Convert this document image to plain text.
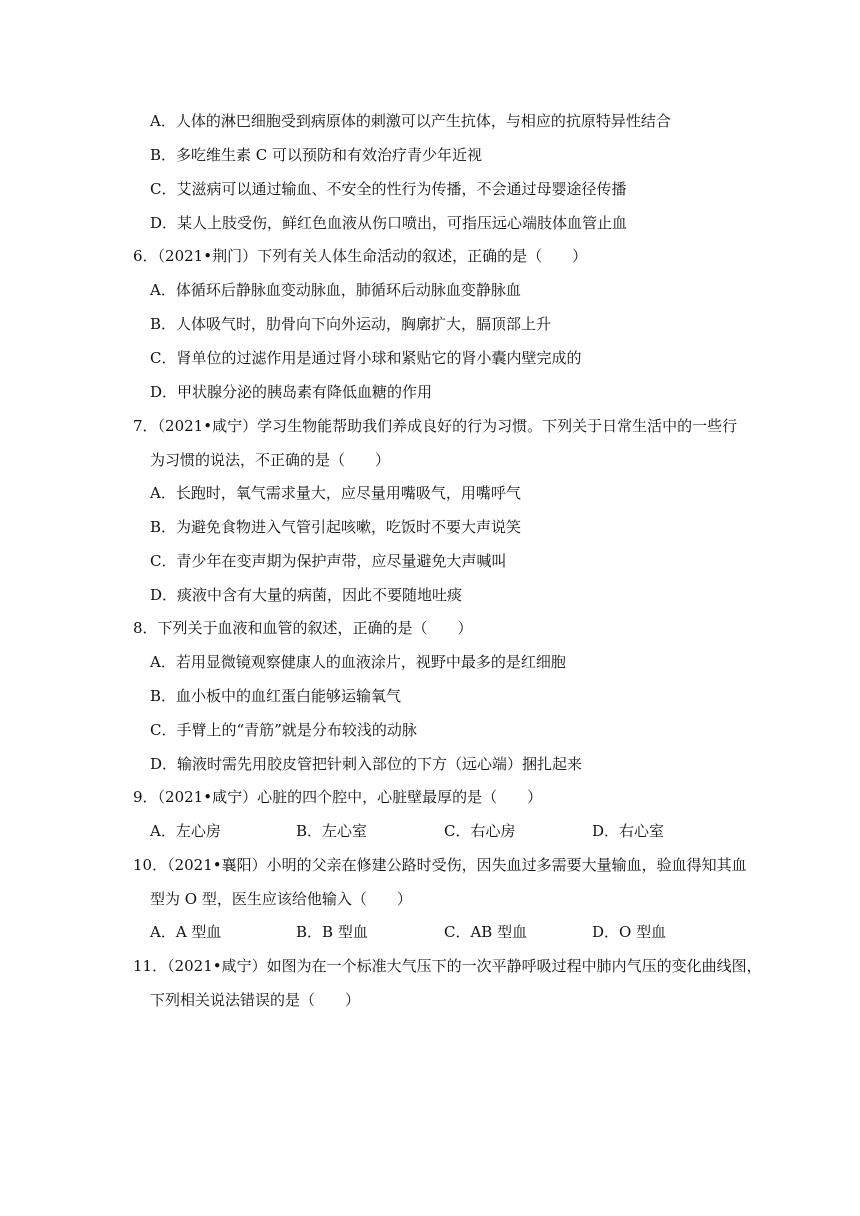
A．人体的淋巴细胞受到病原体的刺激可以产生抗体，与相应的抗原特异性结合
B．多吃维生素 C 可以预防和有效治疗青少年近视
C．艾滋病可以通过输血、不安全的性行为传播，不会通过母婴途径传播
D．某人上肢受伤，鲜红色血液从伤口喷出，可指压远心端肢体血管止血
6．（2021•荆门）下列有关人体生命活动的叙述，正确的是（　　）
A．体循环后静脉血变动脉血，肺循环后动脉血变静脉血
B．人体吸气时，肋骨向下向外运动，胸廓扩大，膈顶部上升
C．肾单位的过滤作用是通过肾小球和紧贴它的肾小囊内壁完成的
D．甲状腺分泌的胰岛素有降低血糖的作用
7．（2021•咸宁）学习生物能帮助我们养成良好的行为习惯。下列关于日常生活中的一些行
为习惯的说法，不正确的是（　　）
A．长跑时，氧气需求量大，应尽量用嘴吸气，用嘴呼气
B．为避免食物进入气管引起咳嗽，吃饭时不要大声说笑
C．青少年在变声期为保护声带，应尽量避免大声喊叫
D．痰液中含有大量的病菌，因此不要随地吐痰
8．下列关于血液和血管的叙述，正确的是（　　）
A．若用显微镜观察健康人的血液涂片，视野中最多的是红细胞
B．血小板中的血红蛋白能够运输氧气
C．手臂上的“青筋”就是分布较浅的动脉
D．输液时需先用胶皮管把针刺入部位的下方（远心端）捆扎起来
9．（2021•咸宁）心脏的四个腔中，心脏壁最厚的是（　　）
A．左心房	B．左心室	C．右心房	D．右心室
10．（2021•襄阳）小明的父亲在修建公路时受伤，因失血过多需要大量输血，验血得知其血
型为 O 型，医生应该给他输入（　　）
A．A 型血	B．B 型血	C．AB 型血	D．O 型血
11．（2021•咸宁）如图为在一个标准大气压下的一次平静呼吸过程中肺内气压的变化曲线图，
下列相关说法错误的是（　　）
